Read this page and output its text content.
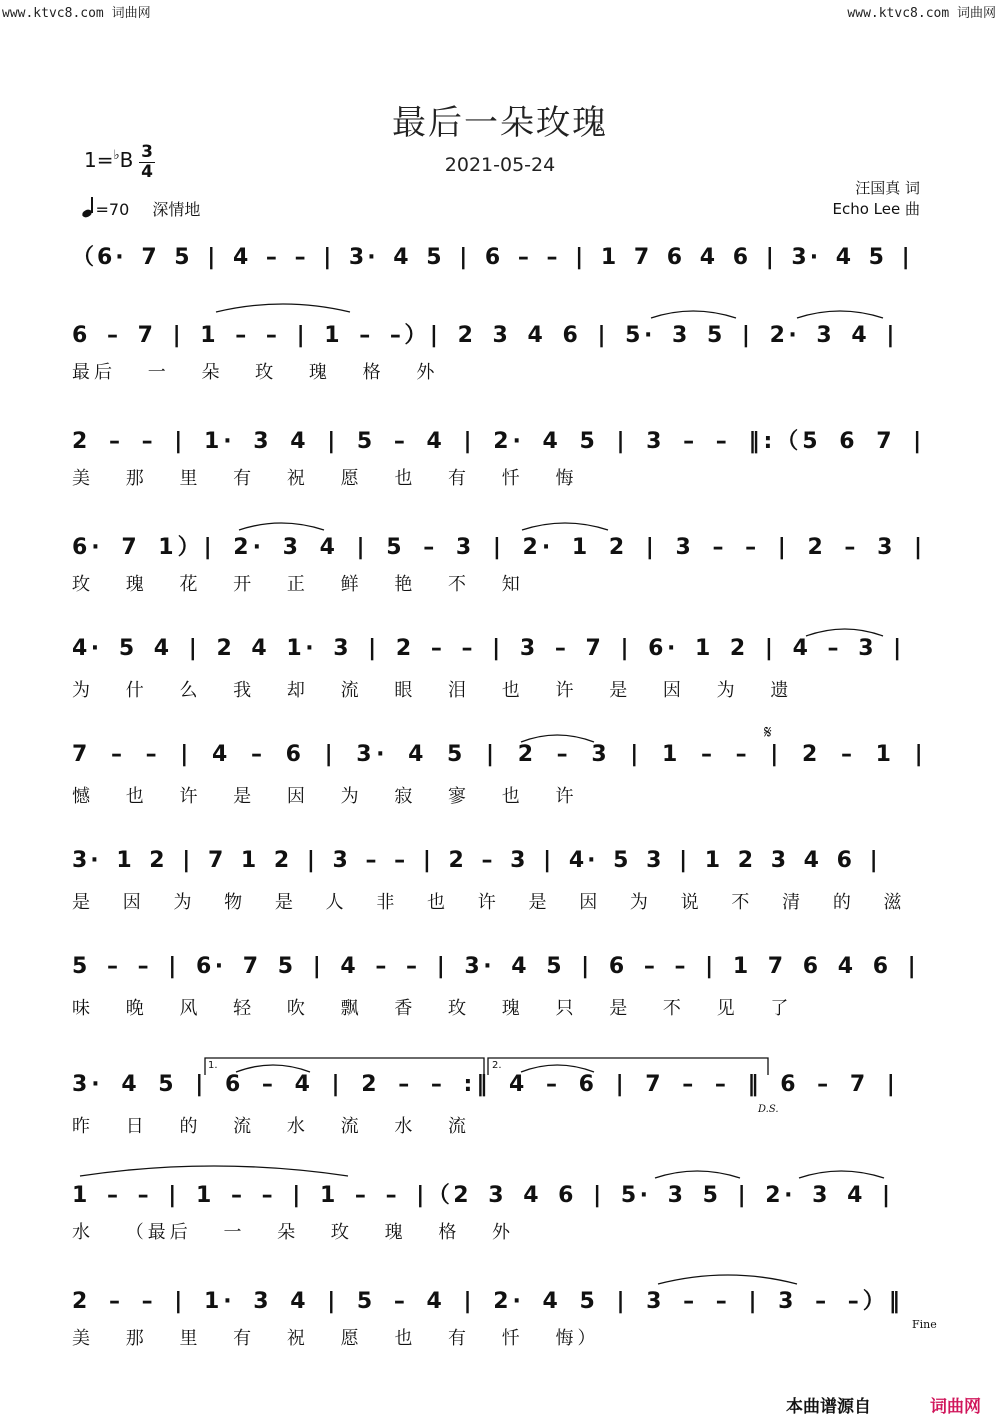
www.ktvc8.com 词曲网	www.ktvc8.com 词曲网
最后一朵玫瑰
2021-05-24
1=♭B 3
4
=70 深情地
汪国真 词
Echo Lee 曲
（6· 7 5 | 4 – – | 3· 4 5 | 6 – – | 1 7 6 4 6 | 3· 4 5 |
6 – 7 | 1 – – | 1 – –）| 2 3 4 6 | 5· 3 5 | 2· 3 4 |
最后 一 朵 玫 瑰 格 外
2 – – | 1· 3 4 | 5 – 4 | 2· 4 5 | 3 – – ‖:（5 6 7 |
美 那 里 有 祝 愿 也 有 忏 悔
6· 7 1）| 2· 3 4 | 5 – 3 | 2· 1 2 | 3 – – | 2 – 3 |
玫 瑰 花 开 正 鲜 艳 不 知
4· 5 4 | 2 4 1· 3 | 2 – – | 3 – 7 | 6· 1 2 | 4 – 3 |
为 什 么 我 却 流 眼 泪 也 许 是 因 为 遗
7 – – | 4 – 6 | 3· 4 5 | 2 – 3 | 1 – – | 2 – 1 |
憾 也 许 是 因 为 寂 寥 也 许
3· 1 2 | 7 1 2 | 3 – – | 2 – 3 | 4· 5 3 | 1 2 3 4 6 |
是 因 为 物 是 人 非 也 许 是 因 为 说 不 清 的 滋
5 – – | 6· 7 5 | 4 – – | 3· 4 5 | 6 – – | 1 7 6 4 6 |
味 晚 风 轻 吹 飘 香 玫 瑰 只 是 不 见 了
3· 4 5 | 6 – 4 | 2 – – :‖ 4 – 6 | 7 – – ‖ 6 – 7 |
昨 日 的 流 水 流 水 流
1 – – | 1 – – | 1 – – |（2 3 4 6 | 5· 3 5 | 2· 3 4 |
水 （最后 一 朵 玫 瑰 格 外
2 – – | 1· 3 4 | 5 – 4 | 2· 4 5 | 3 – – | 3 – –）‖
美 那 里 有 祝 愿 也 有 忏 悔）
𝄋
D.S.
Fine
1.	2.
本曲谱源自	词曲网
